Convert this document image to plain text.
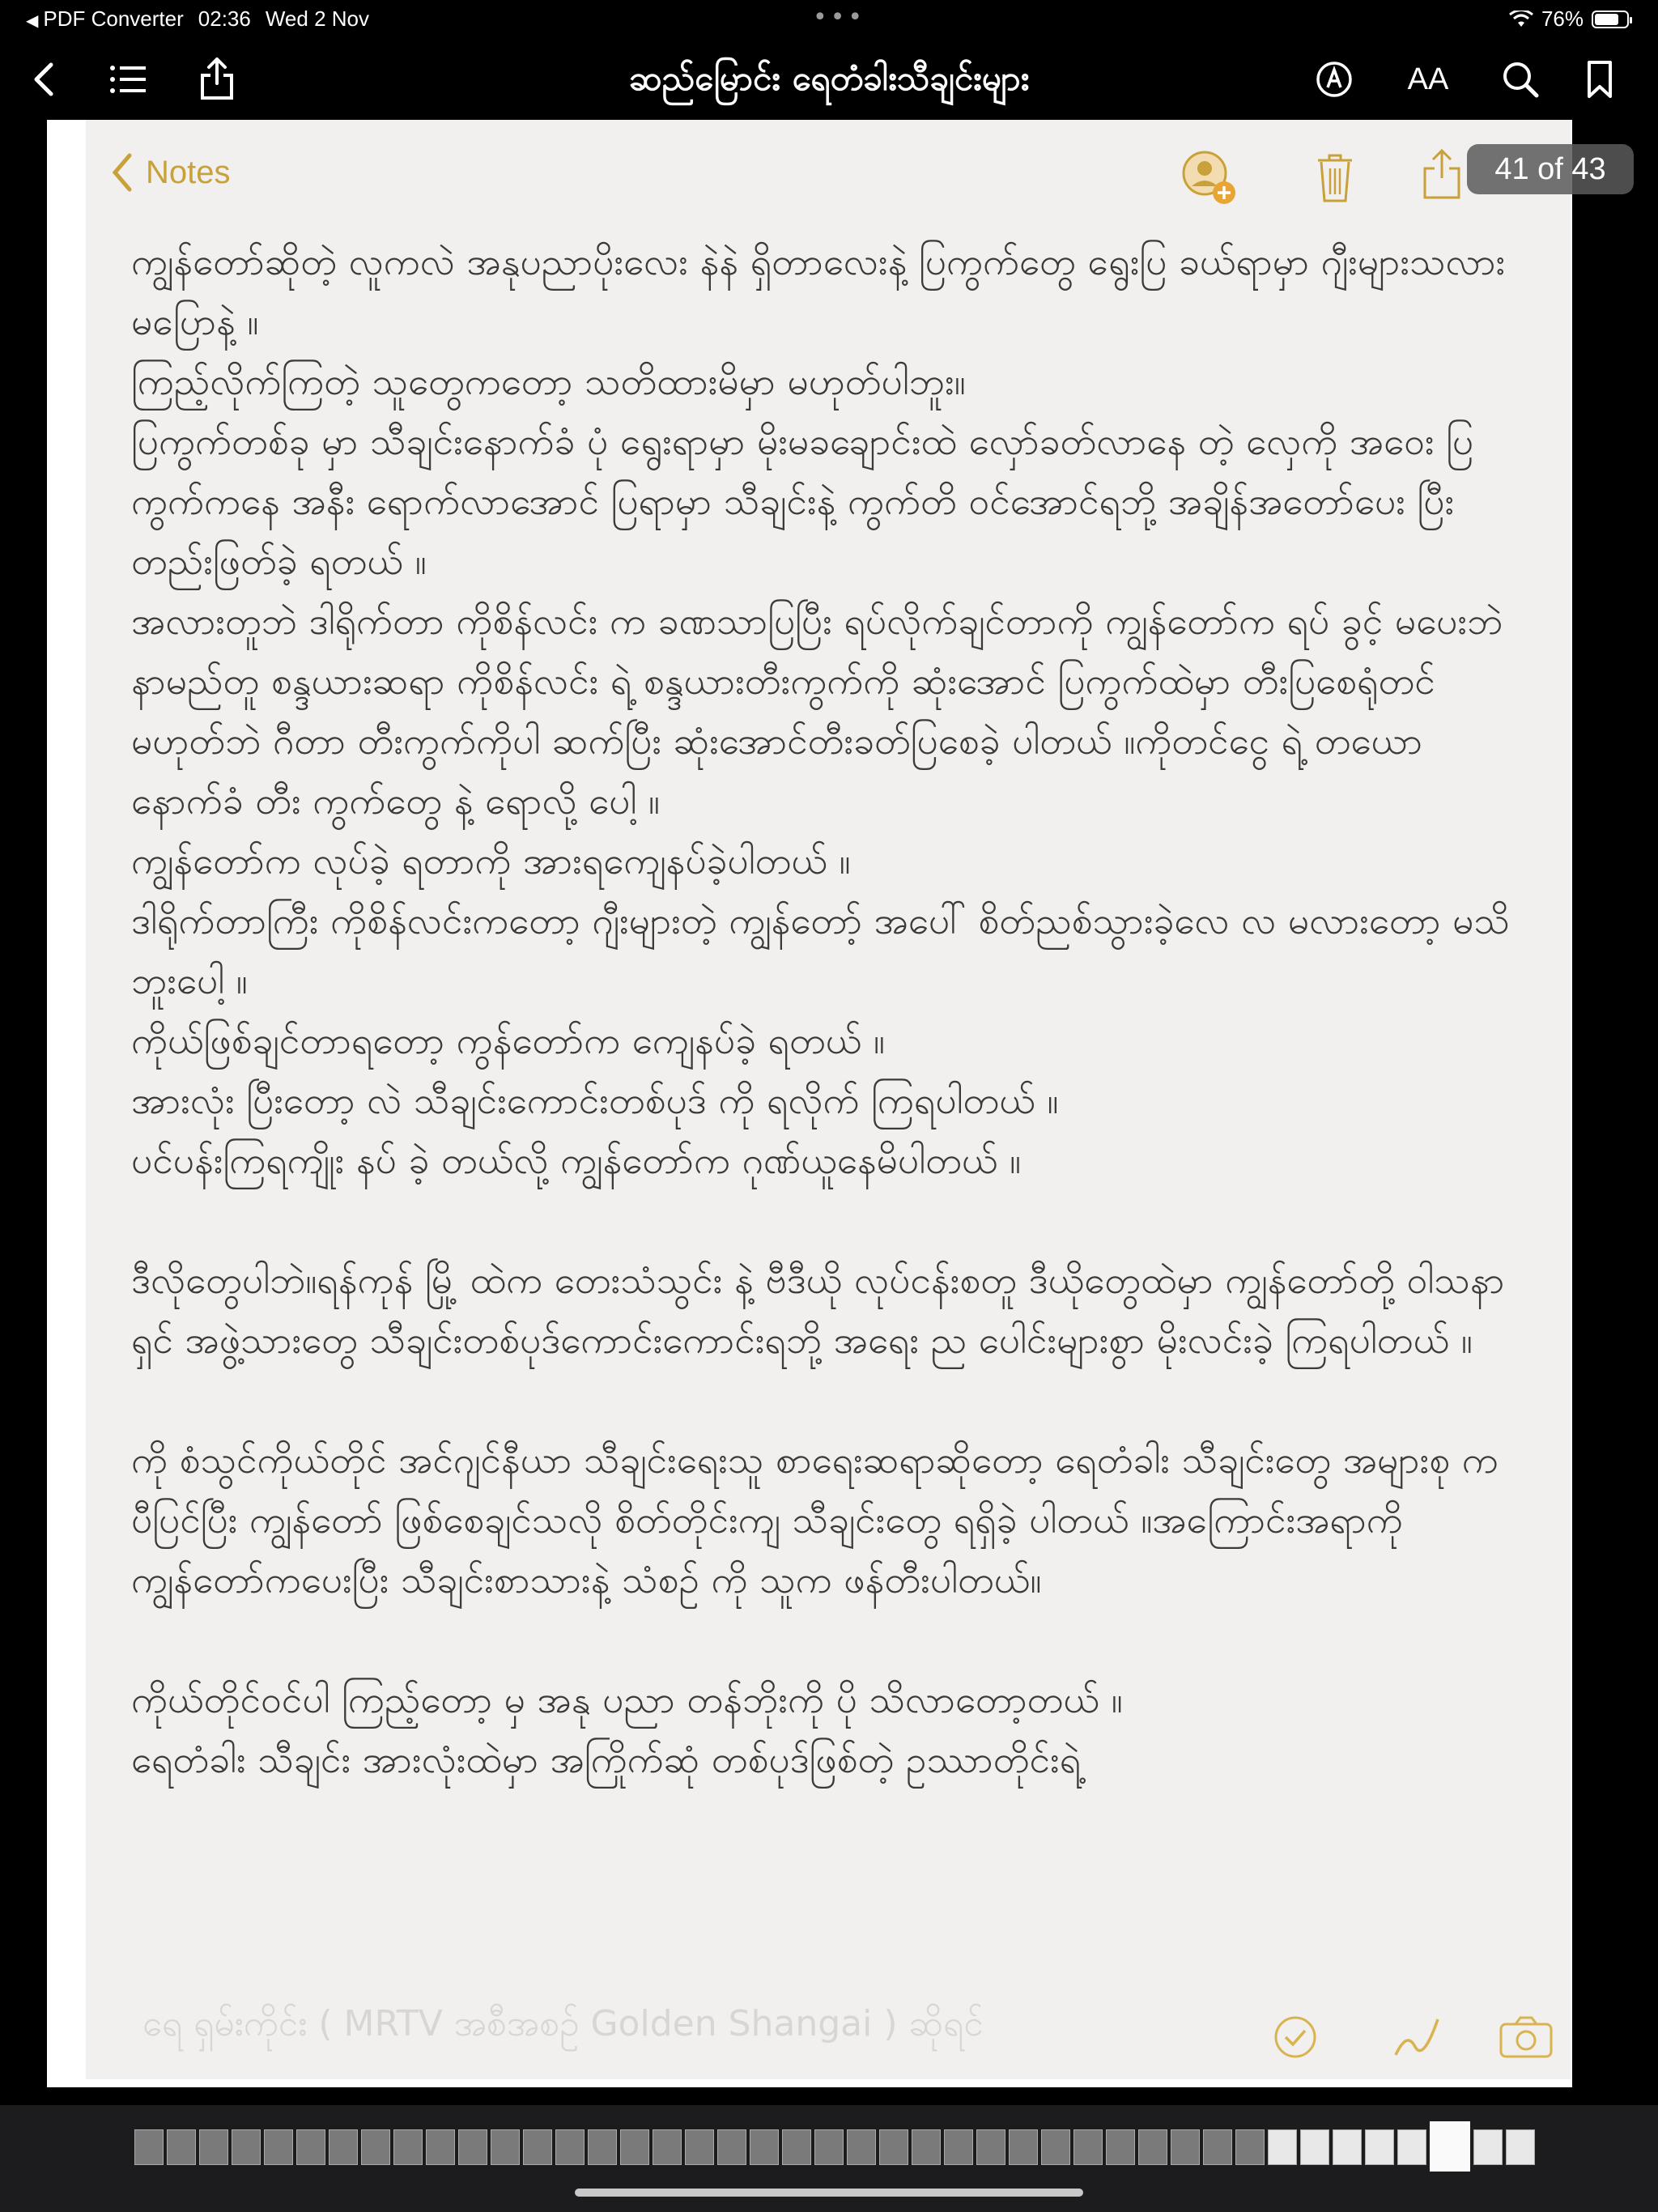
◀ PDF Converter 02:36 Wed 2 Nov	•••	76%
ဆည်မြောင်း ရေတံခါးသီချင်းများ	AA
Notes

ကျွန်တော်ဆိုတဲ့ လူကလဲ အနုပညာပိုးလေး နဲနဲ ရှိတာလေးနဲ့ ပြကွက်တွေ ရွေးပြ ခယ်ရာမှာ ဂျီးများသလားမပြောနဲ့ ။
ကြည့်လိုက်ကြတဲ့ သူတွေကတော့ သတိထားမိမှာ မဟုတ်ပါဘူး။
ပြကွက်တစ်ခု မှာ သီချင်းနောက်ခံ ပုံ ရွေးရာမှာ မိုးမခချောင်းထဲ လှော်ခတ်လာနေ တဲ့ လှေကို အဝေး ပြကွက်ကနေ အနီး ရောက်လာအောင် ပြရာမှာ သီချင်းနဲ့ ကွက်တိ ဝင်အောင်ရဘို့ အချိန်အတော်ပေး ပြီး တည်းဖြတ်ခဲ့ ရတယ် ။
အလားတူဘဲ ဒါရိုက်တာ ကိုစိန်လင်း က ခဏသာပြပြီး ရပ်လိုက်ချင်တာကို ကျွန်တော်က ရပ် ခွင့် မပေးဘဲ နာမည်တူ စန္ဒယားဆရာ ကိုစိန်လင်း ရဲ့ စန္ဒယားတီးကွက်ကို ဆုံးအောင် ပြကွက်ထဲမှာ တီးပြစေရုံတင်မဟုတ်ဘဲ ဂီတာ တီးကွက်ကိုပါ ဆက်ပြီး ဆုံးအောင်တီးခတ်ပြစေခဲ့ ပါတယ် ။ကိုတင်ငွေ ရဲ့ တယော နောက်ခံ တီး ကွက်တွေ နဲ့ ရောလို့ ပေါ့ ။
ကျွန်တော်က လုပ်ခဲ့ ရတာကို အားရကျေနပ်ခဲ့ပါတယ် ။
ဒါရိုက်တာကြီး ကိုစိန်လင်းကတော့ ဂျီးများတဲ့ ကျွန်တော့် အပေါ် စိတ်ညစ်သွားခဲ့လေ လ မလားတော့ မသိဘူးပေါ့ ။
ကိုယ်ဖြစ်ချင်တာရတော့ ကွန်တော်က ကျေနပ်ခဲ့ ရတယ် ။
အားလုံး ပြီးတော့ လဲ သီချင်းကောင်းတစ်ပုဒ် ကို ရလိုက် ကြရပါတယ် ။
ပင်ပန်းကြရကျိုး နပ် ခဲ့ တယ်လို့ ကျွန်တော်က ဂုဏ်ယူနေမိပါတယ် ။

ဒီလိုတွေပါဘဲ။ရန်ကုန် မြို့ ထဲက တေးသံသွင်း နဲ့ ဗီဒီယို လုပ်ငန်းစတူ ဒီယိုတွေထဲမှာ ကျွန်တော်တို့ ဝါသနာရှင် အဖွဲ့သားတွေ သီချင်းတစ်ပုဒ်ကောင်းကောင်းရဘို့ အရေး ည ပေါင်းများစွာ မိုးလင်းခဲ့ ကြရပါတယ် ။

ကို စံသွင်ကိုယ်တိုင် အင်ဂျင်နီယာ သီချင်းရေးသူ စာရေးဆရာဆိုတော့ ရေတံခါး သီချင်းတွေ အများစု က ပီပြင်ပြီး ကျွန်တော် ဖြစ်စေချင်သလို စိတ်တိုင်းကျ သီချင်းတွေ ရရှိခဲ့ ပါတယ် ။အကြောင်းအရာကို ကျွန်တော်ကပေးပြီး သီချင်းစာသားနဲ့ သံစဉ် ကို သူက ဖန်တီးပါတယ်။

ကိုယ်တိုင်ဝင်ပါ ကြည့်တော့ မှ အနု ပညာ တန်ဘိုးကို ပို သိလာတော့တယ် ။
ရေတံခါး သီချင်း အားလုံးထဲမှာ အကြိုက်ဆုံ တစ်ပုဒ်ဖြစ်တဲ့ ဥဿာတိုင်းရဲ့

ရေ ရှမ်းကိုင်း ( MRTV အစီအစဉ် Golden Shangai ) ဆိုရင်
41 of 43
